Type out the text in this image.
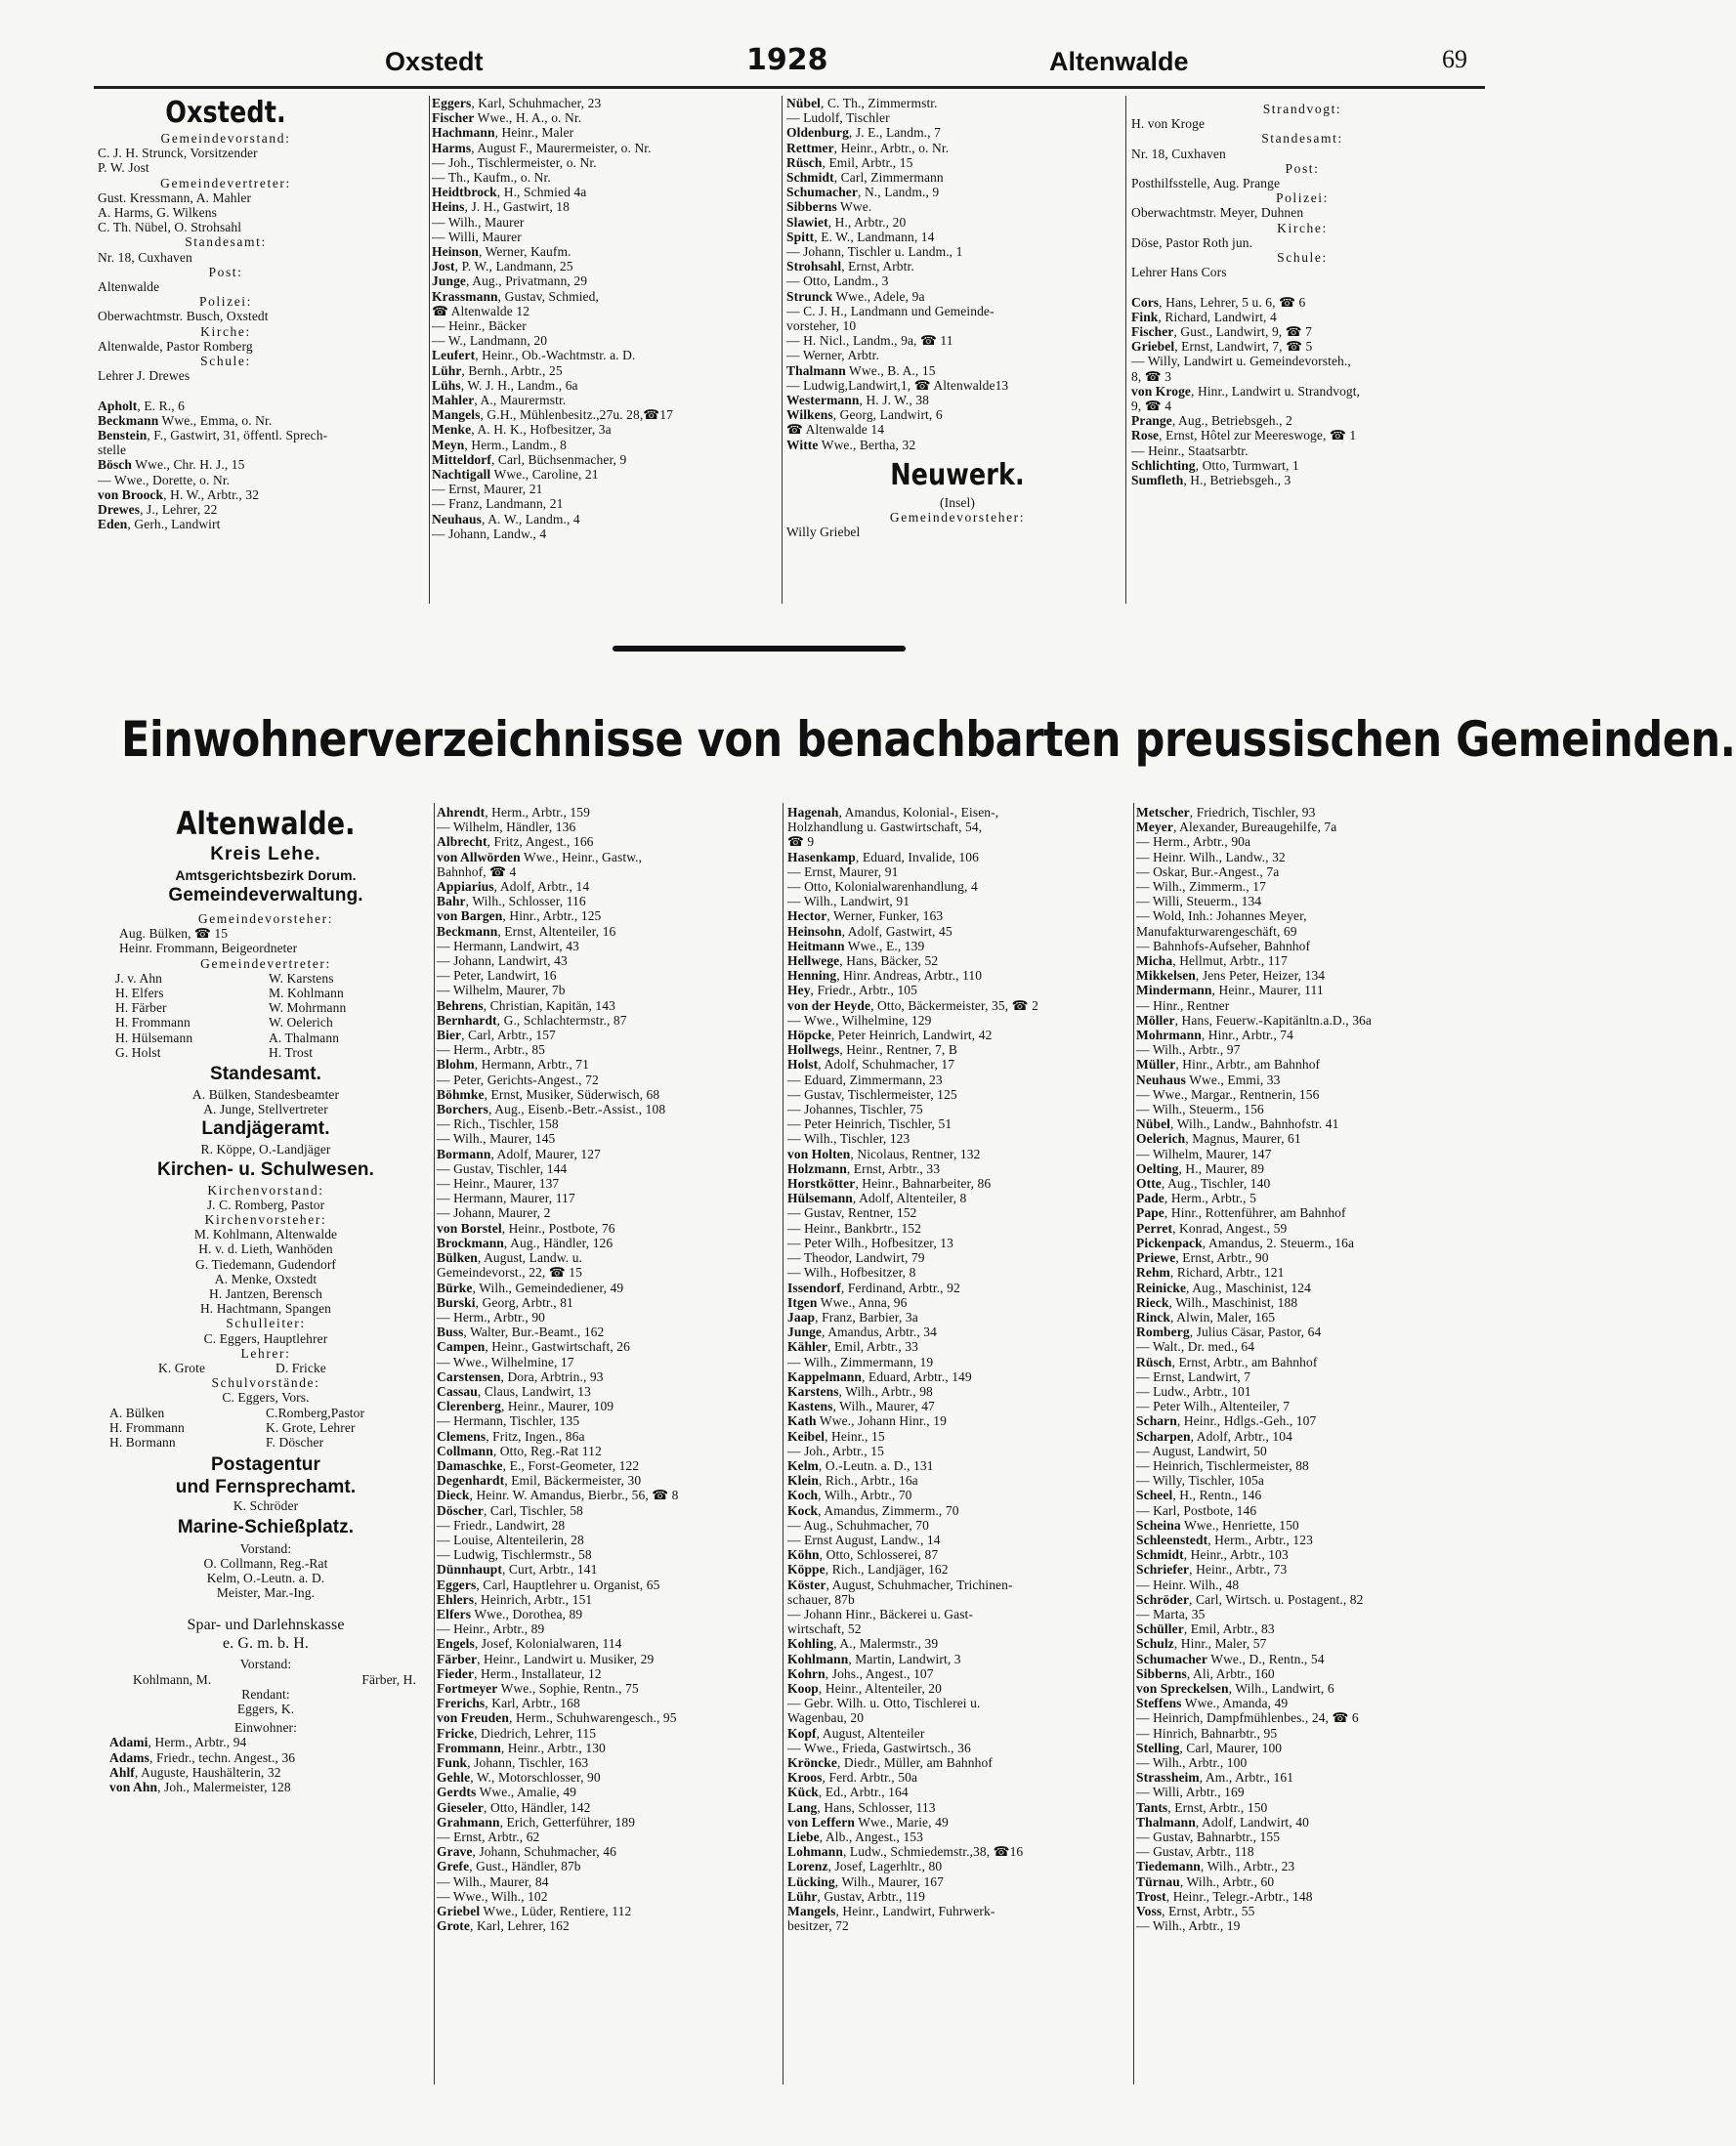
Oxstedt	1928	Altenwalde	69
Oxstedt.
Gemeindevorstand:
C. J. H. Strunck, Vorsitzender
P. W. Jost
Gemeindevertreter:
Gust. Kressmann, A. Mahler
A. Harms, G. Wilkens
C. Th. Nübel, O. Strohsahl
Standesamt:
Nr. 18, Cuxhaven
Post:
Altenwalde
Polizei:
Oberwachtmstr. Busch, Oxstedt
Kirche:
Altenwalde, Pastor Romberg
Schule:
Lehrer J. Drewes

Apholt, E. R., 6
Beckmann Wwe., Emma, o. Nr.
Benstein, F., Gastwirt, 31, öffentl. Sprech-
stelle
Bösch Wwe., Chr. H. J., 15
— Wwe., Dorette, o. Nr.
von Broock, H. W., Arbtr., 32
Drewes, J., Lehrer, 22
Eden, Gerh., Landwirt
Eggers, Karl, Schuhmacher, 23
Fischer Wwe., H. A., o. Nr.
Hachmann, Heinr., Maler
Harms, August F., Maurermeister, o. Nr.
— Joh., Tischlermeister, o. Nr.
— Th., Kaufm., o. Nr.
Heidtbrock, H., Schmied 4a
Heins, J. H., Gastwirt, 18
— Wilh., Maurer
— Willi, Maurer
Heinson, Werner, Kaufm.
Jost, P. W., Landmann, 25
Junge, Aug., Privatmann, 29
Krassmann, Gustav, Schmied,
☎ Altenwalde 12
— Heinr., Bäcker
— W., Landmann, 20
Leufert, Heinr., Ob.-Wachtmstr. a. D.
Lühr, Bernh., Arbtr., 25
Lühs, W. J. H., Landm., 6a
Mahler, A., Maurermstr.
Mangels, G.H., Mühlenbesitz.,27u. 28,☎17
Menke, A. H. K., Hofbesitzer, 3a
Meyn, Herm., Landm., 8
Mitteldorf, Carl, Büchsenmacher, 9
Nachtigall Wwe., Caroline, 21
— Ernst, Maurer, 21
— Franz, Landmann, 21
Neuhaus, A. W., Landm., 4
— Johann, Landw., 4
Nübel, C. Th., Zimmermstr.
— Ludolf, Tischler
Oldenburg, J. E., Landm., 7
Rettmer, Heinr., Arbtr., o. Nr.
Rüsch, Emil, Arbtr., 15
Schmidt, Carl, Zimmermann
Schumacher, N., Landm., 9
Sibberns Wwe.
Slawiet, H., Arbtr., 20
Spitt, E. W., Landmann, 14
— Johann, Tischler u. Landm., 1
Strohsahl, Ernst, Arbtr.
— Otto, Landm., 3
Strunck Wwe., Adele, 9a
— C. J. H., Landmann und Gemeinde-
vorsteher, 10
— H. Nicl., Landm., 9a, ☎ 11
— Werner, Arbtr.
Thalmann Wwe., B. A., 15
— Ludwig,Landwirt,1, ☎ Altenwalde13
Westermann, H. J. W., 38
Wilkens, Georg, Landwirt, 6
☎ Altenwalde 14
Witte Wwe., Bertha, 32
Neuwerk.
(Insel)
Gemeindevorsteher:
Willy Griebel
Strandvogt:
H. von Kroge
Standesamt:
Nr. 18, Cuxhaven
Post:
Posthilfsstelle, Aug. Prange
Polizei:
Oberwachtmstr. Meyer, Duhnen
Kirche:
Döse, Pastor Roth jun.
Schule:
Lehrer Hans Cors

Cors, Hans, Lehrer, 5 u. 6, ☎ 6
Fink, Richard, Landwirt, 4
Fischer, Gust., Landwirt, 9, ☎ 7
Griebel, Ernst, Landwirt, 7, ☎ 5
— Willy, Landwirt u. Gemeindevorsteh.,
8, ☎ 3
von Kroge, Hinr., Landwirt u. Strandvogt,
9, ☎ 4
Prange, Aug., Betriebsgeh., 2
Rose, Ernst, Hôtel zur Meereswoge, ☎ 1
— Heinr., Staatsarbtr.
Schlichting, Otto, Turmwart, 1
Sumfleth, H., Betriebsgeh., 3
Einwohnerverzeichnisse von benachbarten preussischen Gemeinden.
Altenwalde.
Kreis Lehe.
Amtsgerichtsbezirk Dorum.
Gemeindeverwaltung.
Gemeindevorsteher:
Aug. Bülken, ☎ 15
Heinr. Frommann, Beigeordneter
Gemeindevertreter:
J. v. Ahn	W. Karstens
H. Elfers	M. Kohlmann
H. Färber	W. Mohrmann
H. Frommann	W. Oelerich
H. Hülsemann	A. Thalmann
G. Holst	H. Trost
Standesamt.
A. Bülken, Standesbeamter
A. Junge, Stellvertreter
Landjägeramt.
R. Köppe, O.-Landjäger
Kirchen- u. Schulwesen.
Kirchenvorstand:
J. C. Romberg, Pastor
Kirchenvorsteher:
M. Kohlmann, Altenwalde
H. v. d. Lieth, Wanhöden
G. Tiedemann, Gudendorf
A. Menke, Oxstedt
H. Jantzen, Berensch
H. Hachtmann, Spangen
Schulleiter:
C. Eggers, Hauptlehrer
Lehrer:
K. Grote	D. Fricke
Schulvorstände:
C. Eggers, Vors.
A. Bülken	C.Romberg,Pastor
H. Frommann	K. Grote, Lehrer
H. Bormann	F. Döscher
Postagentur
und Fernsprechamt.
K. Schröder
Marine-Schießplatz.
Vorstand:
O. Collmann, Reg.-Rat
Kelm, O.-Leutn. a. D.
Meister, Mar.-Ing.
Spar- und Darlehnskasse
e. G. m. b. H.
Vorstand:
Kohlmann, M.	Färber, H.
Rendant:
Eggers, K.
Einwohner:
Adami, Herm., Arbtr., 94
Adams, Friedr., techn. Angest., 36
Ahlf, Auguste, Haushälterin, 32
von Ahn, Joh., Malermeister, 128
Ahrendt, Herm., Arbtr., 159
— Wilhelm, Händler, 136
Albrecht, Fritz, Angest., 166
von Allwörden Wwe., Heinr., Gastw.,
Bahnhof, ☎ 4
Appiarius, Adolf, Arbtr., 14
Bahr, Wilh., Schlosser, 116
von Bargen, Hinr., Arbtr., 125
Beckmann, Ernst, Altenteiler, 16
— Hermann, Landwirt, 43
— Johann, Landwirt, 43
— Peter, Landwirt, 16
— Wilhelm, Maurer, 7b
Behrens, Christian, Kapitän, 143
Bernhardt, G., Schlachtermstr., 87
Bier, Carl, Arbtr., 157
— Herm., Arbtr., 85
Blohm, Hermann, Arbtr., 71
— Peter, Gerichts-Angest., 72
Böhmke, Ernst, Musiker, Süderwisch, 68
Borchers, Aug., Eisenb.-Betr.-Assist., 108
— Rich., Tischler, 158
— Wilh., Maurer, 145
Bormann, Adolf, Maurer, 127
— Gustav, Tischler, 144
— Heinr., Maurer, 137
— Hermann, Maurer, 117
— Johann, Maurer, 2
von Borstel, Heinr., Postbote, 76
Brockmann, Aug., Händler, 126
Bülken, August, Landw. u.
Gemeindevorst., 22, ☎ 15
Bürke, Wilh., Gemeindediener, 49
Burski, Georg, Arbtr., 81
— Herm., Arbtr., 90
Buss, Walter, Bur.-Beamt., 162
Campen, Heinr., Gastwirtschaft, 26
— Wwe., Wilhelmine, 17
Carstensen, Dora, Arbtrin., 93
Cassau, Claus, Landwirt, 13
Clerenberg, Heinr., Maurer, 109
— Hermann, Tischler, 135
Clemens, Fritz, Ingen., 86a
Collmann, Otto, Reg.-Rat 112
Damaschke, E., Forst-Geometer, 122
Degenhardt, Emil, Bäckermeister, 30
Dieck, Heinr. W. Amandus, Bierbr., 56, ☎ 8
Döscher, Carl, Tischler, 58
— Friedr., Landwirt, 28
— Louise, Altenteilerin, 28
— Ludwig, Tischlermstr., 58
Dünnhaupt, Curt, Arbtr., 141
Eggers, Carl, Hauptlehrer u. Organist, 65
Ehlers, Heinrich, Arbtr., 151
Elfers Wwe., Dorothea, 89
— Heinr., Arbtr., 89
Engels, Josef, Kolonialwaren, 114
Färber, Heinr., Landwirt u. Musiker, 29
Fieder, Herm., Installateur, 12
Fortmeyer Wwe., Sophie, Rentn., 75
Frerichs, Karl, Arbtr., 168
von Freuden, Herm., Schuhwarengesch., 95
Fricke, Diedrich, Lehrer, 115
Frommann, Heinr., Arbtr., 130
Funk, Johann, Tischler, 163
Gehle, W., Motorschlosser, 90
Gerdts Wwe., Amalie, 49
Gieseler, Otto, Händler, 142
Grahmann, Erich, Getterführer, 189
— Ernst, Arbtr., 62
Grave, Johann, Schuhmacher, 46
Grefe, Gust., Händler, 87b
— Wilh., Maurer, 84
— Wwe., Wilh., 102
Griebel Wwe., Lüder, Rentiere, 112
Grote, Karl, Lehrer, 162
Hagenah, Amandus, Kolonial-, Eisen-,
Holzhandlung u. Gastwirtschaft, 54,
☎ 9
Hasenkamp, Eduard, Invalide, 106
— Ernst, Maurer, 91
— Otto, Kolonialwarenhandlung, 4
— Wilh., Landwirt, 91
Hector, Werner, Funker, 163
Heinsohn, Adolf, Gastwirt, 45
Heitmann Wwe., E., 139
Hellwege, Hans, Bäcker, 52
Henning, Hinr. Andreas, Arbtr., 110
Hey, Friedr., Arbtr., 105
von der Heyde, Otto, Bäckermeister, 35, ☎ 2
— Wwe., Wilhelmine, 129
Höpcke, Peter Heinrich, Landwirt, 42
Hollwegs, Heinr., Rentner, 7, B
Holst, Adolf, Schuhmacher, 17
— Eduard, Zimmermann, 23
— Gustav, Tischlermeister, 125
— Johannes, Tischler, 75
— Peter Heinrich, Tischler, 51
— Wilh., Tischler, 123
von Holten, Nicolaus, Rentner, 132
Holzmann, Ernst, Arbtr., 33
Horstkötter, Heinr., Bahnarbeiter, 86
Hülsemann, Adolf, Altenteiler, 8
— Gustav, Rentner, 152
— Heinr., Bankbrtr., 152
— Peter Wilh., Hofbesitzer, 13
— Theodor, Landwirt, 79
— Wilh., Hofbesitzer, 8
Issendorf, Ferdinand, Arbtr., 92
Itgen Wwe., Anna, 96
Jaap, Franz, Barbier, 3a
Junge, Amandus, Arbtr., 34
Kähler, Emil, Arbtr., 33
— Wilh., Zimmermann, 19
Kappelmann, Eduard, Arbtr., 149
Karstens, Wilh., Arbtr., 98
Kastens, Wilh., Maurer, 47
Kath Wwe., Johann Hinr., 19
Keibel, Heinr., 15
— Joh., Arbtr., 15
Kelm, O.-Leutn. a. D., 131
Klein, Rich., Arbtr., 16a
Koch, Wilh., Arbtr., 70
Kock, Amandus, Zimmerm., 70
— Aug., Schuhmacher, 70
— Ernst August, Landw., 14
Köhn, Otto, Schlosserei, 87
Köppe, Rich., Landjäger, 162
Köster, August, Schuhmacher, Trichinen-
schauer, 87b
— Johann Hinr., Bäckerei u. Gast-
wirtschaft, 52
Kohling, A., Malermstr., 39
Kohlmann, Martin, Landwirt, 3
Kohrn, Johs., Angest., 107
Koop, Heinr., Altenteiler, 20
— Gebr. Wilh. u. Otto, Tischlerei u.
Wagenbau, 20
Kopf, August, Altenteiler
— Wwe., Frieda, Gastwirtsch., 36
Kröncke, Diedr., Müller, am Bahnhof
Kroos, Ferd. Arbtr., 50a
Kück, Ed., Arbtr., 164
Lang, Hans, Schlosser, 113
von Leffern Wwe., Marie, 49
Liebe, Alb., Angest., 153
Lohmann, Ludw., Schmiedemstr.,38, ☎16
Lorenz, Josef, Lagerhltr., 80
Lücking, Wilh., Maurer, 167
Lühr, Gustav, Arbtr., 119
Mangels, Heinr., Landwirt, Fuhrwerk-
besitzer, 72
Metscher, Friedrich, Tischler, 93
Meyer, Alexander, Bureaugehilfe, 7a
— Herm., Arbtr., 90a
— Heinr. Wilh., Landw., 32
— Oskar, Bur.-Angest., 7a
— Wilh., Zimmerm., 17
— Willi, Steuerm., 134
— Wold, Inh.: Johannes Meyer,
Manufakturwarengeschäft, 69
— Bahnhofs-Aufseher, Bahnhof
Micha, Hellmut, Arbtr., 117
Mikkelsen, Jens Peter, Heizer, 134
Mindermann, Heinr., Maurer, 111
— Hinr., Rentner
Möller, Hans, Feuerw.-Kapitänltn.a.D., 36a
Mohrmann, Hinr., Arbtr., 74
— Wilh., Arbtr., 97
Müller, Hinr., Arbtr., am Bahnhof
Neuhaus Wwe., Emmi, 33
— Wwe., Margar., Rentnerin, 156
— Wilh., Steuerm., 156
Nübel, Wilh., Landw., Bahnhofstr. 41
Oelerich, Magnus, Maurer, 61
— Wilhelm, Maurer, 147
Oelting, H., Maurer, 89
Otte, Aug., Tischler, 140
Pade, Herm., Arbtr., 5
Pape, Hinr., Rottenführer, am Bahnhof
Perret, Konrad, Angest., 59
Pickenpack, Amandus, 2. Steuerm., 16a
Priewe, Ernst, Arbtr., 90
Rehm, Richard, Arbtr., 121
Reinicke, Aug., Maschinist, 124
Rieck, Wilh., Maschinist, 188
Rinck, Alwin, Maler, 165
Romberg, Julius Cäsar, Pastor, 64
— Walt., Dr. med., 64
Rüsch, Ernst, Arbtr., am Bahnhof
— Ernst, Landwirt, 7
— Ludw., Arbtr., 101
— Peter Wilh., Altenteiler, 7
Scharn, Heinr., Hdlgs.-Geh., 107
Scharpen, Adolf, Arbtr., 104
— August, Landwirt, 50
— Heinrich, Tischlermeister, 88
— Willy, Tischler, 105a
Scheel, H., Rentn., 146
— Karl, Postbote, 146
Scheina Wwe., Henriette, 150
Schleenstedt, Herm., Arbtr., 123
Schmidt, Heinr., Arbtr., 103
Schriefer, Heinr., Arbtr., 73
— Heinr. Wilh., 48
Schröder, Carl, Wirtsch. u. Postagent., 82
— Marta, 35
Schüller, Emil, Arbtr., 83
Schulz, Hinr., Maler, 57
Schumacher Wwe., D., Rentn., 54
Sibberns, Ali, Arbtr., 160
von Spreckelsen, Wilh., Landwirt, 6
Steffens Wwe., Amanda, 49
— Heinrich, Dampfmühlenbes., 24, ☎ 6
— Hinrich, Bahnarbtr., 95
Stelling, Carl, Maurer, 100
— Wilh., Arbtr., 100
Strassheim, Am., Arbtr., 161
— Willi, Arbtr., 169
Tants, Ernst, Arbtr., 150
Thalmann, Adolf, Landwirt, 40
— Gustav, Bahnarbtr., 155
— Gustav, Arbtr., 118
Tiedemann, Wilh., Arbtr., 23
Türnau, Wilh., Arbtr., 60
Trost, Heinr., Telegr.-Arbtr., 148
Voss, Ernst, Arbtr., 55
— Wilh., Arbtr., 19
